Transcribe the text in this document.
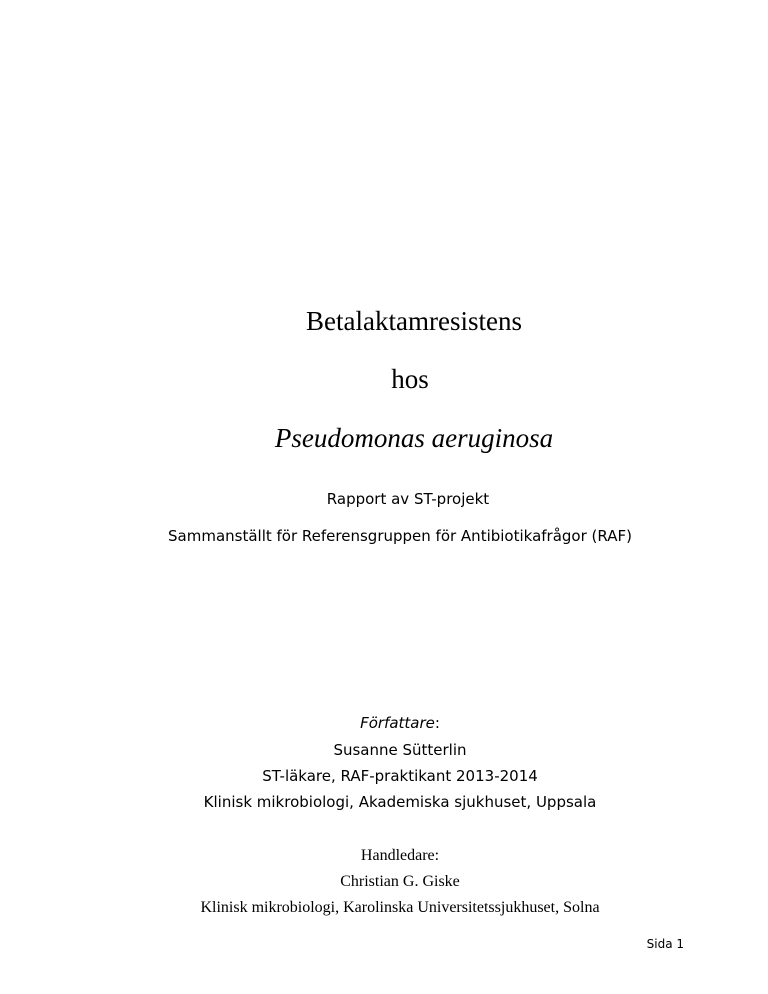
Betalaktamresistens
hos
Pseudomonas aeruginosa
Rapport av ST-projekt
Sammanställt för Referensgruppen för Antibiotikafrågor (RAF)
Författare:
Susanne Sütterlin
ST-läkare, RAF-praktikant 2013-2014
Klinisk mikrobiologi, Akademiska sjukhuset, Uppsala
Handledare:
Christian G. Giske
Klinisk mikrobiologi, Karolinska Universitetssjukhuset, Solna
Sida 1
